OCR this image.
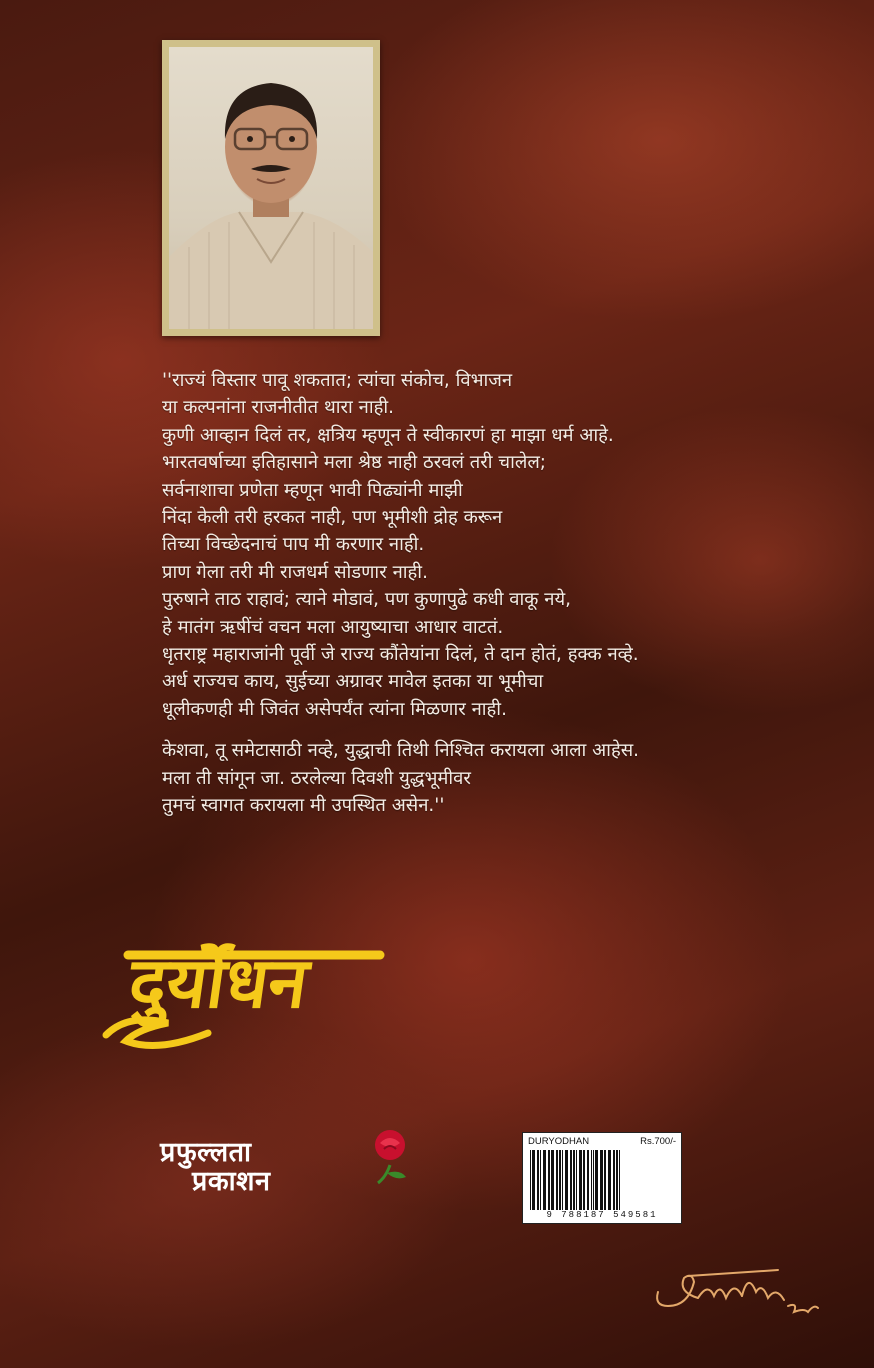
''राज्यं विस्तार पावू शकतात; त्यांचा संकोच, विभाजन
या कल्पनांना राजनीतीत थारा नाही.
कुणी आव्हान दिलं तर, क्षत्रिय म्हणून ते स्वीकारणं हा माझा धर्म आहे.
भारतवर्षाच्या इतिहासाने मला श्रेष्ठ नाही ठरवलं तरी चालेल;
सर्वनाशाचा प्रणेता म्हणून भावी पिढ्यांनी माझी
निंदा केली तरी हरकत नाही, पण भूमीशी द्रोह करून
तिच्या विच्छेदनाचं पाप मी करणार नाही.
प्राण गेला तरी मी राजधर्म सोडणार नाही.
पुरुषाने ताठ राहावं; त्याने मोडावं, पण कुणापुढे कधी वाकू नये,
हे मातंग ऋषींचं वचन मला आयुष्याचा आधार वाटतं.
धृतराष्ट्र महाराजांनी पूर्वी जे राज्य कौंतेयांना दिलं, ते दान होतं, हक्क नव्हे.
अर्ध राज्यच काय, सुईच्या अग्रावर मावेल इतका या भूमीचा
धूलीकणही मी जिवंत असेपर्यंत त्यांना मिळणार नाही.
केशवा, तू समेटासाठी नव्हे, युद्धाची तिथी निश्चित करायला आला आहेस.
मला ती सांगून जा. ठरलेल्या दिवशी युद्धभूमीवर
तुमचं स्वागत करायला मी उपस्थित असेन.''
दुर्योधन
प्रफुल्लता
प्रकाशन
DURYODHAN	Rs.700/-
9 788187 549581
